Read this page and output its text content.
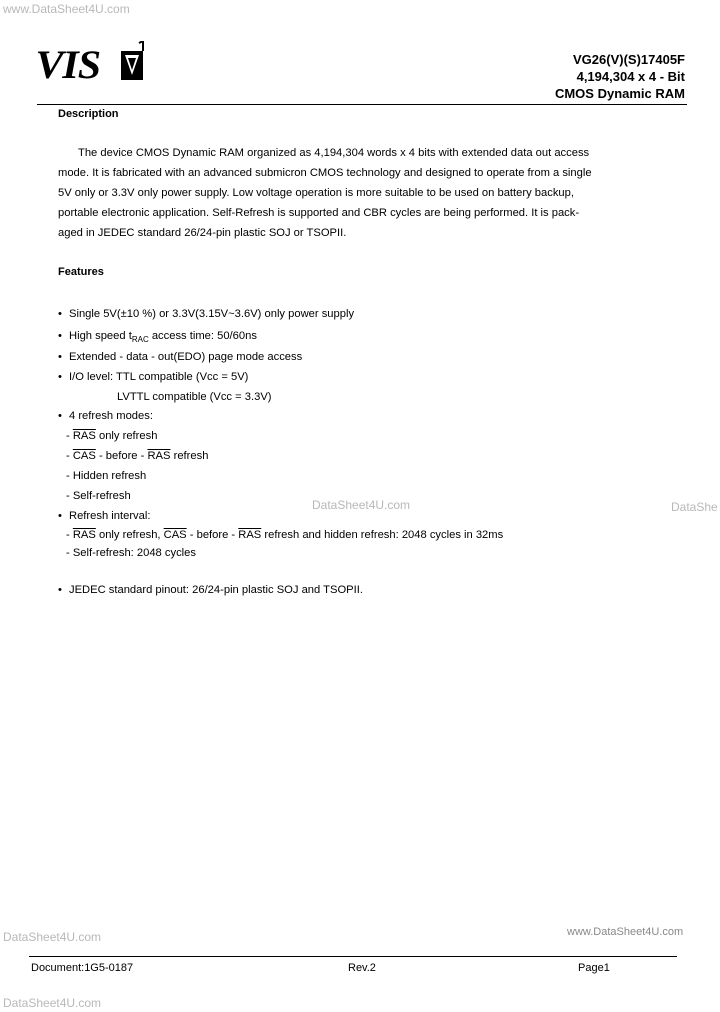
www.DataSheet4U.com
DataSheet4U.com	DataShe
DataSheet4U.com	www.DataSheet4U.com
DataSheet4U.com
VIS	VG26(V)(S)17405F
4,194,304 x 4 - Bit
CMOS Dynamic RAM
Description
The device CMOS Dynamic RAM organized as 4,194,304 words x 4 bits with extended data out access
mode. It is fabricated with an advanced submicron CMOS technology and designed to operate from a single
5V only or 3.3V only power supply. Low voltage operation is more suitable to be used on battery backup,
portable electronic application. Self-Refresh is supported and CBR cycles are being performed. It is pack-
aged in JEDEC standard 26/24-pin plastic SOJ or TSOPII.
Features
• Single 5V(±10 %) or 3.3V(3.15V~3.6V) only power supply
• High speed $t_{RAC}$ access time: 50/60ns
• Extended - data - out(EDO) page mode access
• I/O level: TTL compatible (Vcc = 5V)
LVTTL compatible (Vcc = 3.3V)
• 4 refresh modes:
- $\overline{RAS}$ only refresh
- $\overline{CAS}$ - before - $\overline{RAS}$ refresh
- Hidden refresh
- Self-refresh
• Refresh interval:
- $\overline{RAS}$ only refresh, $\overline{CAS}$ - before - $\overline{RAS}$ refresh and hidden refresh: 2048 cycles in 32ms
- Self-refresh: 2048 cycles
• JEDEC standard pinout: 26/24-pin plastic SOJ and TSOPII.
Document:1G5-0187	Rev.2	Page1
